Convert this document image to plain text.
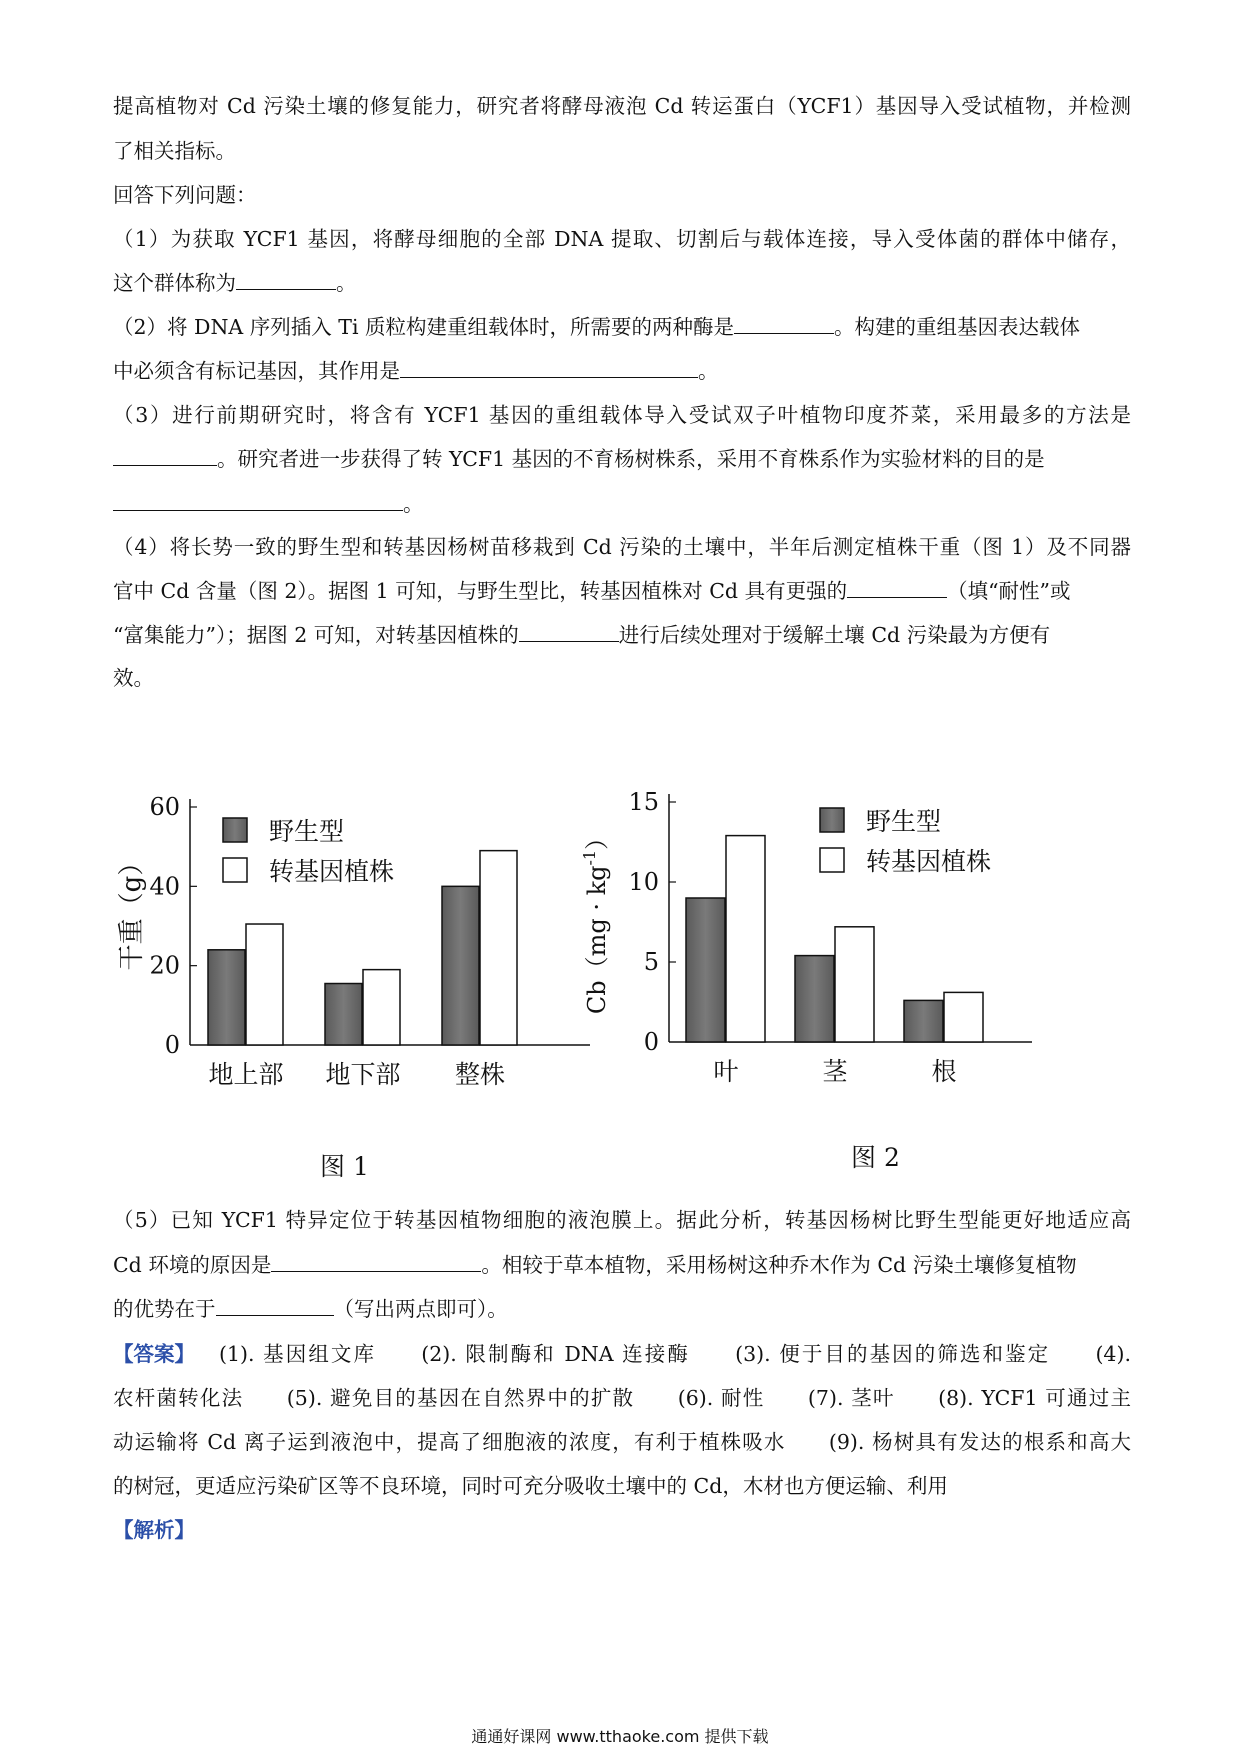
提高植物对 Cd 污染土壤的修复能力，研究者将酵母液泡 Cd 转运蛋白（YCF1）基因导入受试植物，并检测
了相关指标。
回答下列问题：
（1）为获取 YCF1 基因，将酵母细胞的全部 DNA 提取、切割后与载体连接，导入受体菌的群体中储存，
这个群体称为	。
（2）将 DNA 序列插入 Ti 质粒构建重组载体时，所需要的两种酶是	。构建的重组基因表达载体
中必须含有标记基因，其作用是	。
（3）进行前期研究时，将含有 YCF1 基因的重组载体导入受试双子叶植物印度芥菜，采用最多的方法是
。研究者进一步获得了转 YCF1 基因的不育杨树株系，采用不育株系作为实验材料的目的是
。
（4）将长势一致的野生型和转基因杨树苗移栽到 Cd 污染的土壤中，半年后测定植株干重（图 1）及不同器
官中 Cd 含量（图 2）。据图 1 可知，与野生型比，转基因植株对 Cd 具有更强的	（填“耐性”或
“富集能力”）；据图 2 可知，对转基因植株的	进行后续处理对于缓解土壤 Cd 污染最为方便有
效。
0
20
40
60
地上部 地下部 整株
野生型
转基因植株
干重（g）
图 1
0
5
10
15
叶	茎	根
野生型
转基因植株
$Cb(mg \cdot kg^{-1})$
图 2
（5）已知 YCF1 特异定位于转基因植物细胞的液泡膜上。据此分析，转基因杨树比野生型能更好地适应高
Cd 环境的原因是	。相较于草本植物，采用杨树这种乔木作为 Cd 污染土壤修复植物
的优势在于	（写出两点即可）。
【答案】 (1). 基因组文库　　(2). 限制酶和 DNA 连接酶　　(3). 便于目的基因的筛选和鉴定　　(4).
农杆菌转化法　　(5). 避免目的基因在自然界中的扩散　　(6). 耐性　　(7). 茎叶　　(8). YCF1 可通过主
动运输将 Cd 离子运到液泡中，提高了细胞液的浓度，有利于植株吸水　　(9). 杨树具有发达的根系和高大
的树冠，更适应污染矿区等不良环境，同时可充分吸收土壤中的 Cd，木材也方便运输、利用
【解析】
通通好课网 www.tthaoke.com 提供下载
